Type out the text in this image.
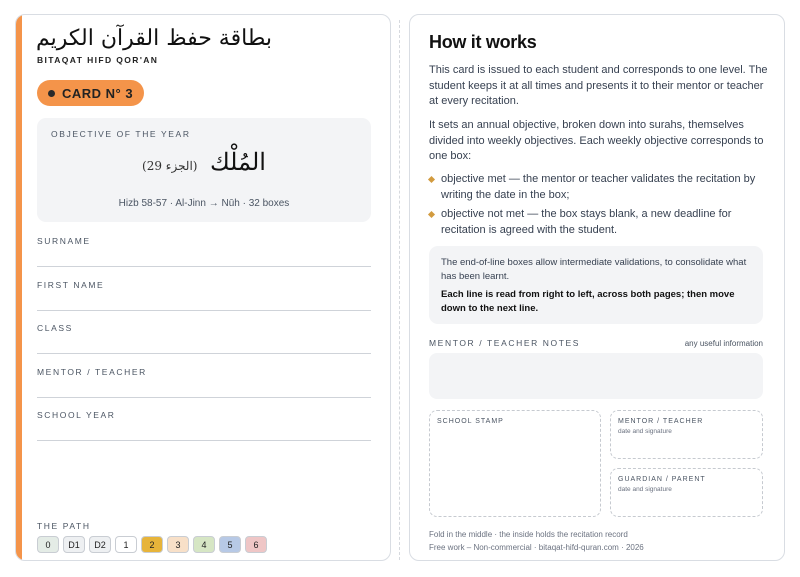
بطاقة حفظ القرآن الكريم
BITAQAT HIFD QOR'AN
CARD N° 3
OBJECTIVE OF THE YEAR
المُلْك (الجزء 29)
Hizb 58-57 · Al-Jinn → Nūh · 32 boxes
SURNAME
FIRST NAME
CLASS
MENTOR / TEACHER
SCHOOL YEAR
THE PATH
0	D1	D2	1	2	3	4	5	6
How it works

This card is issued to each student and corresponds to one level. The student keeps it at all times and presents it to their mentor or teacher at every recitation.

It sets an annual objective, broken down into surahs, themselves divided into weekly objectives. Each weekly objective corresponds to one box:

objective met — the mentor or teacher validates the recitation by writing the date in the box;
objective not met — the box stays blank, a new deadline for recitation is agreed with the student.
The end-of-line boxes allow intermediate validations, to consolidate what has been learnt.
Each line is read from right to left, across both pages; then move down to the next line.
MENTOR / TEACHER NOTES	any useful information
SCHOOL STAMP	MENTOR / TEACHER
date and signature
GUARDIAN / PARENT
date and signature
Fold in the middle · the inside holds the recitation record
Free work – Non-commercial · bitaqat-hifd-quran.com · 2026
